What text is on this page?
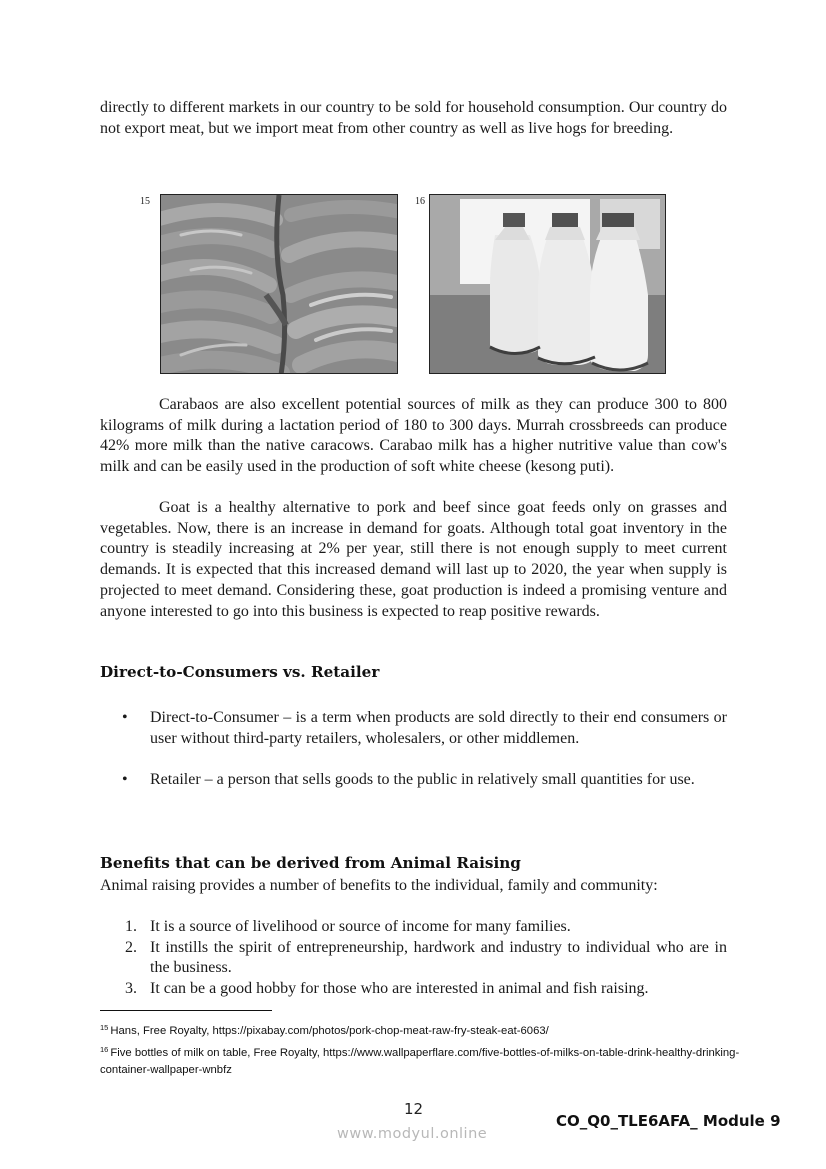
directly to different markets in our country to be sold for household consumption. Our country do not export meat, but we import meat from other country as well as live hogs for breeding.

15	16

Carabaos are also excellent potential sources of milk as they can produce 300 to 800 kilograms of milk during a lactation period of 180 to 300 days. Murrah crossbreeds can produce 42% more milk than the native caracows. Carabao milk has a higher nutritive value than cow's milk and can be easily used in the production of soft white cheese (kesong puti).

Goat is a healthy alternative to pork and beef since goat feeds only on grasses and vegetables. Now, there is an increase in demand for goats. Although total goat inventory in the country is steadily increasing at 2% per year, still there is not enough supply to meet current demands. It is expected that this increased demand will last up to 2020, the year when supply is projected to meet demand. Considering these, goat production is indeed a promising venture and anyone interested to go into this business is expected to reap positive rewards.

Direct-to-Consumers vs. Retailer
• Direct-to-Consumer – is a term when products are sold directly to their end consumers or user without third-party retailers, wholesalers, or other middlemen.
• Retailer – a person that sells goods to the public in relatively small quantities for use.
Benefits that can be derived from Animal Raising

Animal raising provides a number of benefits to the individual, family and community:

1. It is a source of livelihood or source of income for many families.
2. It instills the spirit of entrepreneurship, hardwork and industry to individual who are in the business.
3. It can be a good hobby for those who are interested in animal and fish raising.
$^{15}$ Hans, Free Royalty, https://pixabay.com/photos/pork-chop-meat-raw-fry-steak-eat-6063/
$^{16}$ Five bottles of milk on table, Free Royalty, https://www.wallpaperflare.com/five-bottles-of-milks-on-table-drink-healthy-drinking-container-wallpaper-wnbfz
12
www.modyul.online
CO_Q0_TLE6AFA_ Module 9
